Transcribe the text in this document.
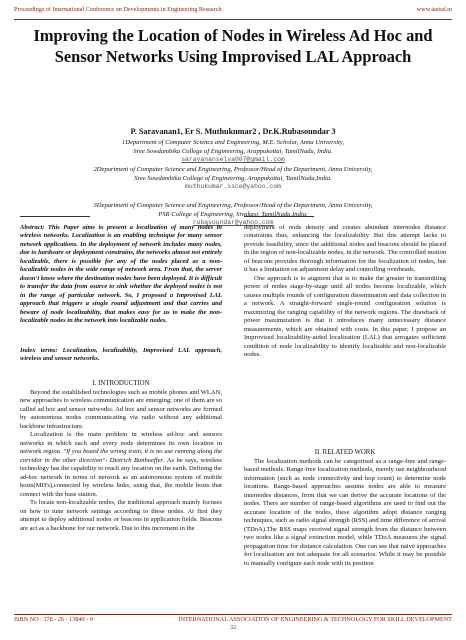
Proceedings of International Conference on Developments in Engineering Research	www.iaetsd.in
Improving the Location of Nodes in Wireless Ad Hoc and Sensor Networks Using Improvised LAL Approach
P. Saravanan1, Er S. Muthukumar2 , Dr.K.Rubasoundar 3
1Department of Computer Science and Engineering, M.E. Scholar, Anna University,
Sree Sowdambika College of Engineering, Aruppukottai, TamilNadu, India.
saravananselva007@gmail.com
2Department of Computer Science and Engineering, Professor/Head of the Department, Anna University,
Sree Sowdambika College of Engineering, Aruppukottai, TamilNadu,India.
muthukumar.ssce@yahoo.com
3Department of Computer Science and Engineering, Professor/Head of the Department, Anna University,
PSR College of Engineering, Sivakasi, TamilNadu,India.
rubasoundar@yahoo.com

Abstract: This Paper aims to present a localization of many nodes in wireless networks. Localization is an enabling technique for many sensor network applications. In the deployment of network includes many nodes, due to hardware or deployment constrains, the networks almost not entirely localizable, there is possible for any of the nodes placed as a non-localizable nodes in the wide range of network area. From that, the server doesn't know where the destination nodes have been deployed. It is difficult to transfer the data from source to sink whether the deployed nodes is not in the range of particular network. So, I proposed a Improvised LAL approach that triggers a single round adjustment and that carries and beware of node localizability, that makes easy for us to make the non-localizable nodes in the network into localizable nodes.

Index terms: Localization, localizability, Improvised LAL approach, wireless and sensor networks.

I. INTRODUCTION

Beyond the established technologies such as mobile phones and WLAN, new approaches to wireless communication are emerging; one of them are so called ad hoc and sensor networks. Ad hoc and sensor networks are formed by autonomous nodes communicating via radio without any additional backbone infrastructure.

Localization is the main problem in wireless ad-hoc and sensors networks in which each and every node determines its own location in network region. "If you board the wrong train, it is no use running along the corridor in the other direction"- Dietrich Bonhoeffer. As he says, wireless technology has the capability to reach any location on the earth. Defining the ad-hoc network in terms of network as an autonomous system of mobile hosts(MH's),connected by wireless links, using that, the mobile hosts that connect with the base station.

To locate non-localizable nodes, the traditional approach mainly focuses on how to tune network settings according to these nodes. At first they attempt to deploy additional nodes or beacons in application fields. Beacons are act as a backbone for our network. Due to this increment in the

deployment of node density and creates abundant internodes distance constraints thus, enhancing the localizability. But this attempt lacks to provide feasibility, since the additional nodes and beacons should be placed in the region of non-localizable nodes, in the network. The controlled motion of beacons provides thorough information for the localization of nodes, but it has a limitation on adjustment delay and controlling overheads.

One approach is to augment that is to make the greater in transmitting power of nodes stage-by-stage until all nodes become localizable, which causes multiple rounds of configuration dissemination and data collection in a network. A straight-forward single-round configuration solution is maximizing the ranging capability of the network regions. The drawback of power maximization is that it introduces many unnecessary distance measurements, which are obtained with costs. In this paper, I propose an Improvised localizability-aided localization (LAL) that arrogates sufficient condition of node localizability to identify localizable and non-localizable nodes.

II. RELATED WORK

The localization methods can be categorised as a range-free and range-based methods. Range-free localization methods, merely use neighbourhood information (such as node connectivity and hop count) to determine node locations. Range-based approaches assume nodes are able to measure internodes distances, from that we can derive the accurate locations of the nodes. There are number of range-based algorithms are used to find out the accurate location of the nodes, these algorithm adopt distance ranging techniques, such as radio signal strength (RSS) and time difference of arrival (TDoA).The RSS maps received signal strength from the distance between two nodes like a signal extinction model, while TDoA measures the signal propagation time for distance calculation. One can see that naive approaches for localization are not adequate for all scenarios. While it may be possible to manually configure each node with its position

ISBN NO : 378 - 26 - 13840 - 9	INTERNATIONAL ASSOCIATION OF ENGINEERING & TECHNOLOGY FOR SKILL DEVELOPMENT
32
